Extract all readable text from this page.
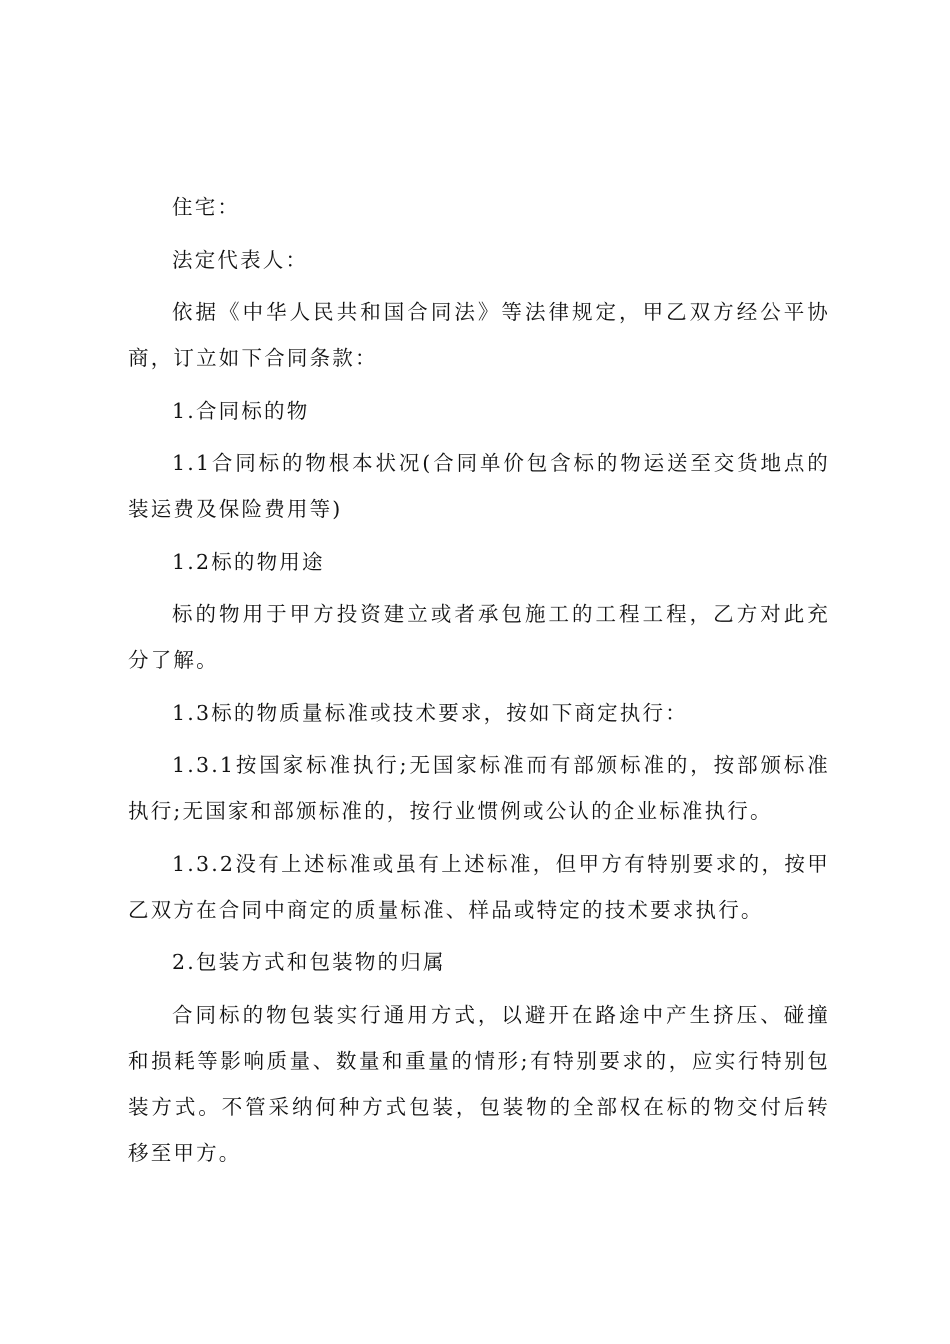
住宅：

法定代表人：

依据《中华人民共和国合同法》等法律规定，甲乙双方经公平协商，订立如下合同条款：

1.合同标的物

1.1合同标的物根本状况(合同单价包含标的物运送至交货地点的装运费及保险费用等)

1.2标的物用途

标的物用于甲方投资建立或者承包施工的工程工程，乙方对此充分了解。

1.3标的物质量标准或技术要求，按如下商定执行：

1.3.1按国家标准执行;无国家标准而有部颁标准的，按部颁标准执行;无国家和部颁标准的，按行业惯例或公认的企业标准执行。

1.3.2没有上述标准或虽有上述标准，但甲方有特别要求的，按甲乙双方在合同中商定的质量标准、样品或特定的技术要求执行。

2.包装方式和包装物的归属

合同标的物包装实行通用方式，以避开在路途中产生挤压、碰撞和损耗等影响质量、数量和重量的情形;有特别要求的，应实行特别包装方式。不管采纳何种方式包装，包装物的全部权在标的物交付后转移至甲方。
